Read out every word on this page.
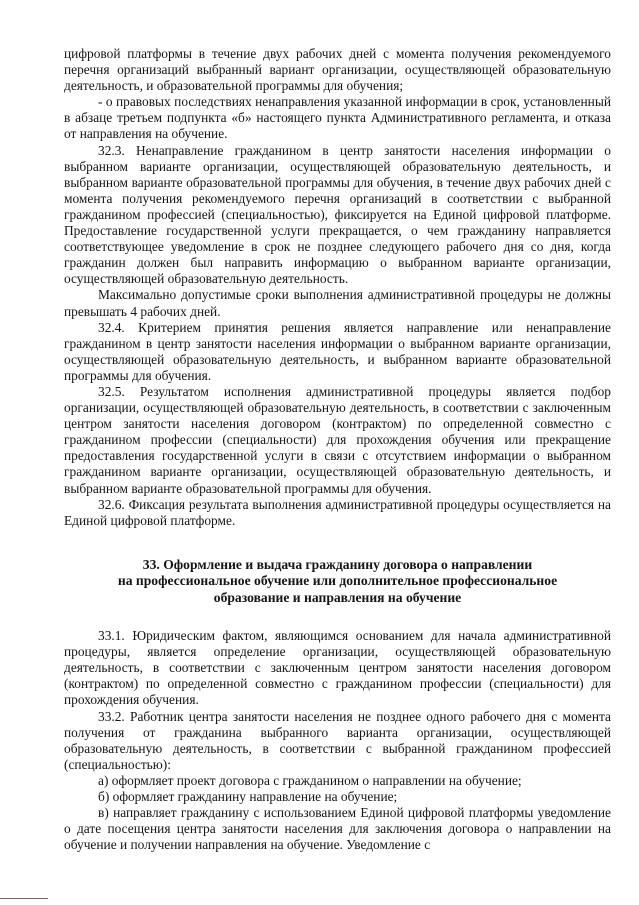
цифровой платформы в течение двух рабочих дней с момента получения рекомендуемого перечня организаций выбранный вариант организации, осуществляющей образовательную деятельность, и образовательной программы для обучения;

- о правовых последствиях ненаправления указанной информации в срок, установленный в абзаце третьем подпункта «б» настоящего пункта Административного регламента, и отказа от направления на обучение.

32.3. Ненаправление гражданином в центр занятости населения информации о выбранном варианте организации, осуществляющей образовательную деятельность, и выбранном варианте образовательной программы для обучения, в течение двух рабочих дней с момента получения рекомендуемого перечня организаций в соответствии с выбранной гражданином профессией (специальностью), фиксируется на Единой цифровой платформе. Предоставление государственной услуги прекращается, о чем гражданину направляется соответствующее уведомление в срок не позднее следующего рабочего дня со дня, когда гражданин должен был направить информацию о выбранном варианте организации, осуществляющей образовательную деятельность.

Максимально допустимые сроки выполнения административной процедуры не должны превышать 4 рабочих дней.

32.4. Критерием принятия решения является направление или ненаправление гражданином в центр занятости населения информации о выбранном варианте организации, осуществляющей образовательную деятельность, и выбранном варианте образовательной программы для обучения.

32.5. Результатом исполнения административной процедуры является подбор организации, осуществляющей образовательную деятельность, в соответствии с заключенным центром занятости населения договором (контрактом) по определенной совместно с гражданином профессии (специальности) для прохождения обучения или прекращение предоставления государственной услуги в связи с отсутствием информации о выбранном гражданином варианте организации, осуществляющей образовательную деятельность, и выбранном варианте образовательной программы для обучения.

32.6. Фиксация результата выполнения административной процедуры осуществляется на Единой цифровой платформе.

33. Оформление и выдача гражданину договора о направлении
на профессиональное обучение или дополнительное профессиональное
образование и направления на обучение

33.1. Юридическим фактом, являющимся основанием для начала административной процедуры, является определение организации, осуществляющей образовательную деятельность, в соответствии с заключенным центром занятости населения договором (контрактом) по определенной совместно с гражданином профессии (специальности) для прохождения обучения.

33.2. Работник центра занятости населения не позднее одного рабочего дня с момента получения от гражданина выбранного варианта организации, осуществляющей образовательную деятельность, в соответствии с выбранной гражданином профессией (специальностью):

а) оформляет проект договора с гражданином о направлении на обучение;

б) оформляет гражданину направление на обучение;

в) направляет гражданину с использованием Единой цифровой платформы уведомление о дате посещения центра занятости населения для заключения договора о направлении на обучение и получении направления на обучение. Уведомление с
